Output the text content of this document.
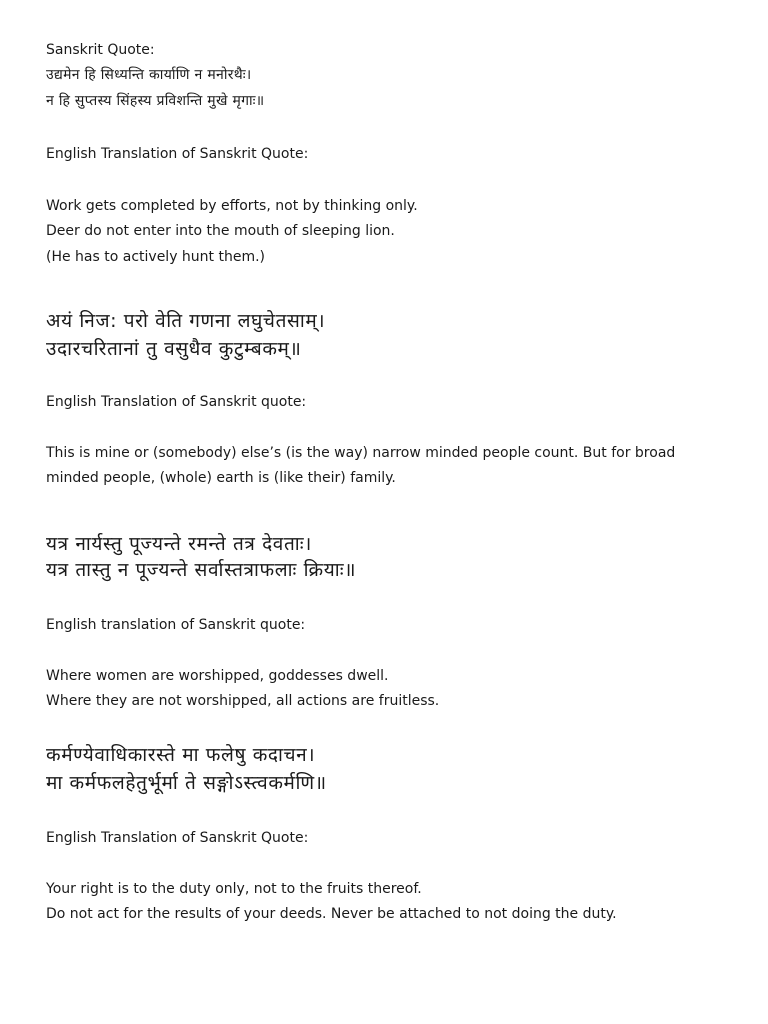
Sanskrit Quote:
उद्यमेन हि सिध्यन्ति कार्याणि न मनोरथैः।
न हि सुप्तस्य सिंहस्य प्रविशन्ति मुखे मृगाः॥
English Translation of Sanskrit Quote:
Work gets completed by efforts, not by thinking only.
Deer do not enter into the mouth of sleeping lion.
(He has to actively hunt them.)
अयं निज: परो वेति गणना लघुचेतसाम्।
उदारचरितानां तु वसुधैव कुटुम्बकम्॥
English Translation of Sanskrit quote:
This is mine or (somebody) else’s (is the way) narrow minded people count. But for broad minded people, (whole) earth is (like their) family.
यत्र नार्यस्तु पूज्यन्ते रमन्ते तत्र देवताः।
यत्र तास्तु न पूज्यन्ते सर्वास्तत्राफलाः क्रियाः॥
English translation of Sanskrit quote:
Where women are worshipped, goddesses dwell.
Where they are not worshipped, all actions are fruitless.
कर्मण्येवाधिकारस्ते मा फलेषु कदाचन।
मा कर्मफलहेतुर्भूर्मा ते सङ्गोऽस्त्वकर्मणि॥
English Translation of Sanskrit Quote:
Your right is to the duty only, not to the fruits thereof.
Do not act for the results of your deeds. Never be attached to not doing the duty.
